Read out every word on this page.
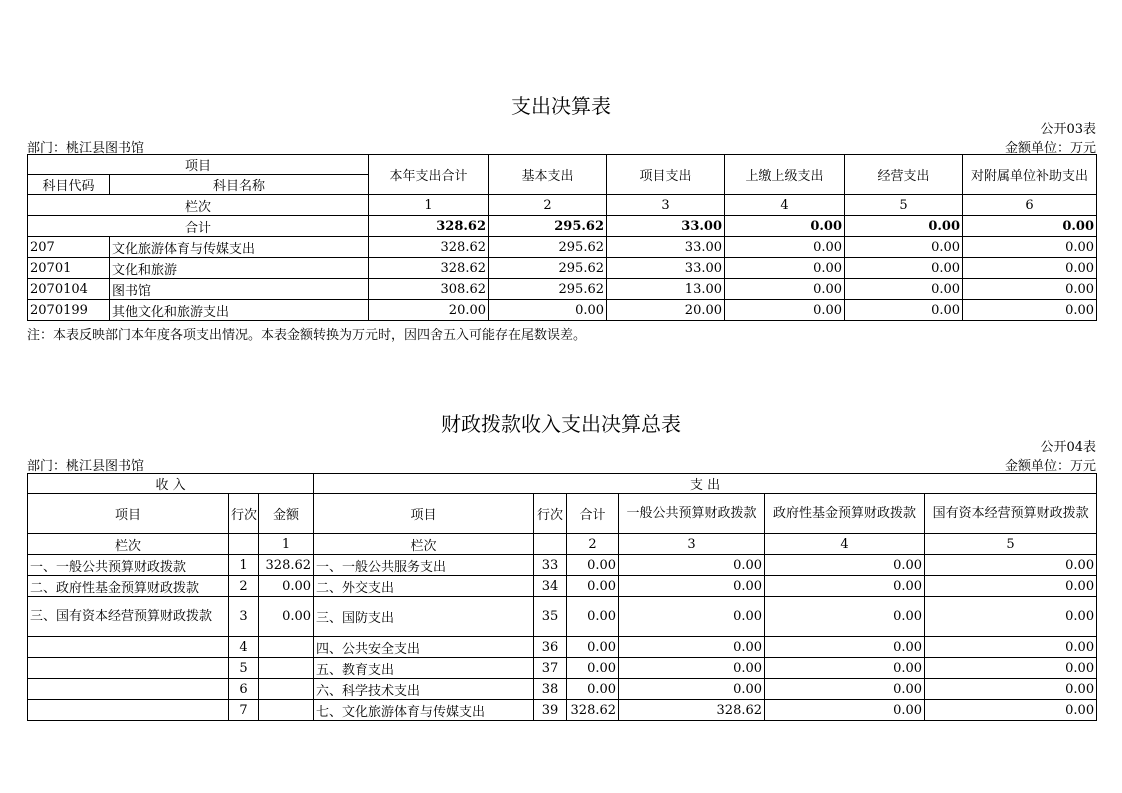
支出决算表
公开03表
部门：桃江县图书馆	金额单位：万元
项目		本年支出合计	基本支出	项目支出	上缴上级支出	经营支出	对附属单位补助支出
科目代码	科目名称						
栏次		1	2	3	4	5	6
合计		328.62	295.62	33.00	0.00	0.00	0.00
207	文化旅游体育与传媒支出	328.62	295.62	33.00	0.00	0.00	0.00
20701	文化和旅游	328.62	295.62	33.00	0.00	0.00	0.00
2070104	图书馆	308.62	295.62	13.00	0.00	0.00	0.00
2070199	其他文化和旅游支出	20.00	0.00	20.00	0.00	0.00	0.00
注：本表反映部门本年度各项支出情况。本表金额转换为万元时，因四舍五入可能存在尾数误差。
财政拨款收入支出决算总表
公开04表
部门：桃江县图书馆	金额单位：万元
收 入			支 出					
项目	行次	金额	项目	行次	合计	一般公共预算财政拨款	政府性基金预算财政拨款	国有资本经营预算财政拨款
栏次		1	栏次		2	3	4	5
一、一般公共预算财政拨款	1	328.62	一、一般公共服务支出	33	0.00	0.00	0.00	0.00
二、政府性基金预算财政拨款	2	0.00	二、外交支出	34	0.00	0.00	0.00	0.00
三、国有资本经营预算财政拨款	3	0.00	三、国防支出	35	0.00	0.00	0.00	0.00
	4		四、公共安全支出	36	0.00	0.00	0.00	0.00
	5		五、教育支出	37	0.00	0.00	0.00	0.00
	6		六、科学技术支出	38	0.00	0.00	0.00	0.00
	7		七、文化旅游体育与传媒支出	39	328.62	328.62	0.00	0.00
